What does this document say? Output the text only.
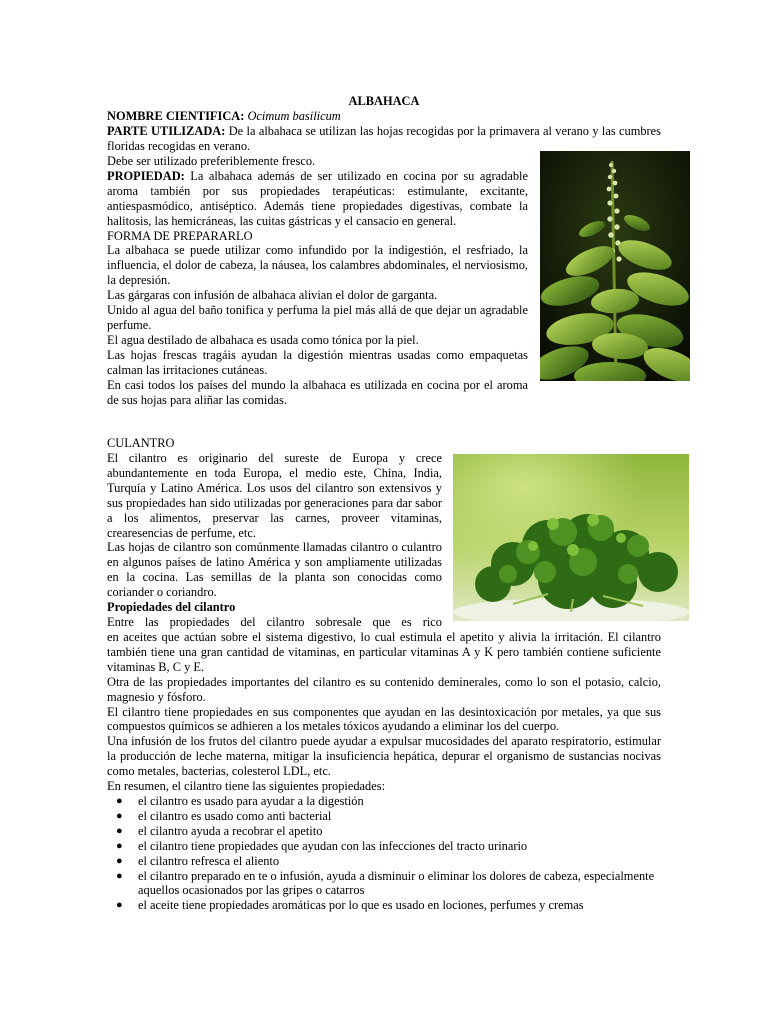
ALBAHACA

NOMBRE CIENTIFICA: Ocimum basilicum

PARTE UTILIZADA: De la albahaca se utilizan las hojas recogidas por la primavera al verano y las cumbres floridas recogidas en verano.

Debe ser utilizado preferiblemente fresco.

PROPIEDAD: La albahaca además de ser utilizado en cocina por su agradable aroma también por sus propiedades terapéuticas: estimulante, excitante, antiespasmódico, antiséptico. Además tiene propiedades digestivas, combate la halitosis, las hemicráneas, las cuitas gástricas y el cansacio en general.

FORMA DE PREPARARLO

La albahaca se puede utilizar como infundido por la indigestión, el resfriado, la influencia, el dolor de cabeza, la náusea, los calambres abdominales, el nerviosismo, la depresión.

Las gárgaras con infusión de albahaca alivian el dolor de garganta.

Unido al agua del baño tonifica y perfuma la piel más allá de que dejar un agradable perfume.

El agua destilado de albahaca es usada como tónica por la piel.

Las hojas frescas tragáis ayudan la digestión mientras usadas como empaquetas calman las irritaciones cutáneas.

En casi todos los países del mundo la albahaca es utilizada en cocina por el aroma de sus hojas para aliñar las comidas.

CULANTRO

El cilantro es originario del sureste de Europa y crece abundantemente en toda Europa, el medio este, China, India, Turquía y Latino América. Los usos del cilantro son extensivos y sus propiedades han sido utilizadas por generaciones para dar sabor a los alimentos, preservar las carnes, proveer vitaminas, crearesencias de perfume, etc.

Las hojas de cilantro son comúnmente llamadas cilantro o culantro en algunos países de latino América y son ampliamente utilizadas en la cocina. Las semillas de la planta son conocidas como coriander o coriandro.

Propiedades del cilantro

Entre las propiedades del cilantro sobresale que es rico

en aceites que actúan sobre el sistema digestivo, lo cual estimula el apetito y alivia la irritación. El cilantro también tiene una gran cantidad de vitaminas, en particular vitaminas A y K pero también contiene suficiente vitaminas B, C y E.

Otra de las propiedades importantes del cilantro es su contenido deminerales, como lo son el potasio, calcio, magnesio y fósforo.

El cilantro tiene propiedades en sus componentes que ayudan en las desintoxicación por metales, ya que sus compuestos químicos se adhieren a los metales tóxicos ayudando a eliminar los del cuerpo.

Una infusión de los frutos del cilantro puede ayudar a expulsar mucosidades del aparato respiratorio, estimular la producción de leche materna, mitigar la insuficiencia hepática, depurar el organismo de sustancias nocivas como metales, bacterias, colesterol LDL, etc.

En resumen, el cilantro tiene las siguientes propiedades:

● el cilantro es usado para ayudar a la digestión
● el cilantro es usado como anti bacterial
● el cilantro ayuda a recobrar el apetito
● el cilantro tiene propiedades que ayudan con las infecciones del tracto urinario
● el cilantro refresca el aliento
● el cilantro preparado en te o infusión, ayuda a disminuir o eliminar los dolores de cabeza, especialmente aquellos ocasionados por las gripes o catarros
● el aceite tiene propiedades aromáticas por lo que es usado en lociones, perfumes y cremas
